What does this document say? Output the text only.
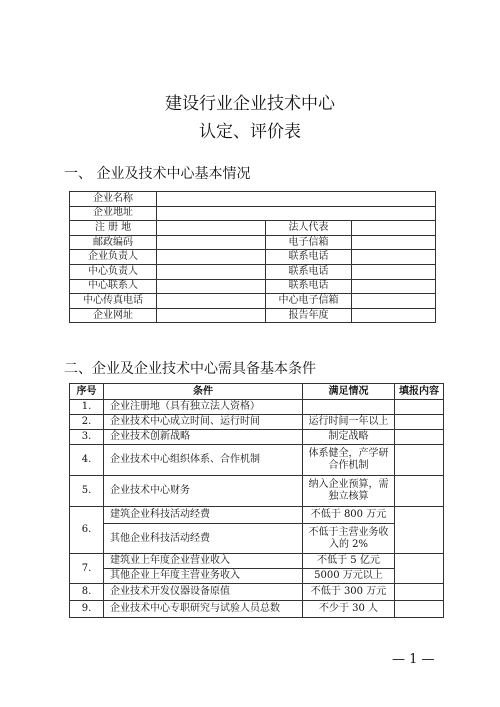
建设行业企业技术中心
认定、评价表
一、 企业及技术中心基本情况
企业名称			
企业地址			
注 册 地		法人代表	
邮政编码		电子信箱	
企业负责人		联系电话	
中心负责人		联系电话	
中心联系人		联系电话	
中心传真电话		中心电子信箱	
企业网址		报告年度	
二、企业及企业技术中心需具备基本条件
序号	条件	满足情况	填报内容
1.	企业注册地（具有独立法人资格）		
2.	企业技术中心成立时间、运行时间	运行时间一年以上	
3.	企业技术创新战略	制定战略	
4.	企业技术中心组织体系、合作机制	体系健全，产学研合作机制	
5.	企业技术中心财务	纳入企业预算，需独立核算	
6.	建筑企业科技活动经费	不低于 800 万元	
	其他企业科技活动经费	不低于主营业务收入的 2%	
7.	建筑业上年度企业营业收入	不低于 5 亿元	
	其他企业上年度主营业务收入	5000 万元以上	
8.	企业技术开发仪器设备原值	不低于 300 万元	
9.	企业技术中心专职研究与试验人员总数	不少于 30 人	
— 1 —
